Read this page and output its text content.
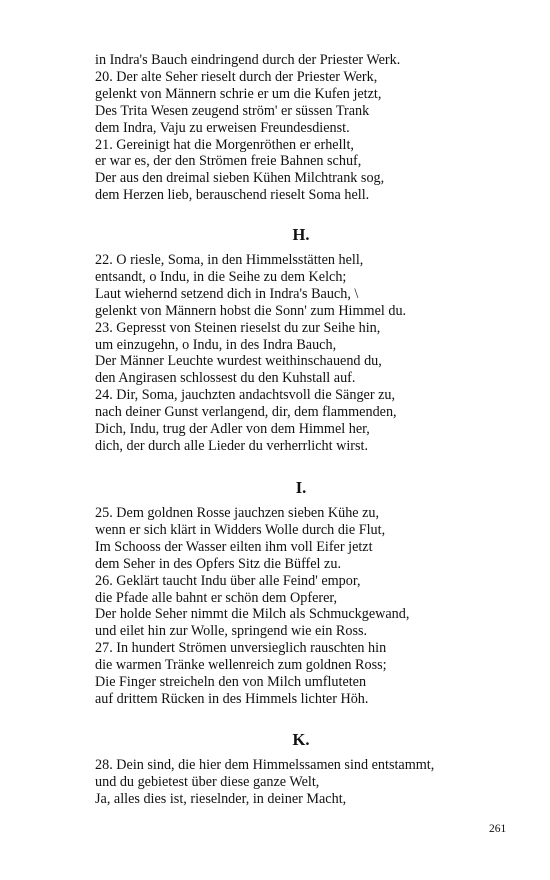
in Indra's Bauch eindringend durch der Priester Werk.
20. Der alte Seher rieselt durch der Priester Werk,
gelenkt von Männern schrie er um die Kufen jetzt,
Des Trita Wesen zeugend ström' er süssen Trank
dem Indra, Vaju zu erweisen Freundesdienst.
21. Gereinigt hat die Morgenröthen er erhellt,
er war es, der den Strömen freie Bahnen schuf,
Der aus den dreimal sieben Kühen Milchtrank sog,
dem Herzen lieb, berauschend rieselt Soma hell.
H.
22. O riesle, Soma, in den Himmelsstätten hell,
entsandt, o Indu, in die Seihe zu dem Kelch;
Laut wiehernd setzend dich in Indra's Bauch, \
gelenkt von Männern hobst die Sonn' zum Himmel du.
23. Gepresst von Steinen rieselst du zur Seihe hin,
um einzugehn, o Indu, in des Indra Bauch,
Der Männer Leuchte wurdest weithinschauend du,
den Angirasen schlossest du den Kuhstall auf.
24. Dir, Soma, jauchzten andachtsvoll die Sänger zu,
nach deiner Gunst verlangend, dir, dem flammenden,
Dich, Indu, trug der Adler von dem Himmel her,
dich, der durch alle Lieder du verherrlicht wirst.
I.
25. Dem goldnen Rosse jauchzen sieben Kühe zu,
wenn er sich klärt in Widders Wolle durch die Flut,
Im Schooss der Wasser eilten ihm voll Eifer jetzt
dem Seher in des Opfers Sitz die Büffel zu.
26. Geklärt taucht Indu über alle Feind' empor,
die Pfade alle bahnt er schön dem Opferer,
Der holde Seher nimmt die Milch als Schmuckgewand,
und eilet hin zur Wolle, springend wie ein Ross.
27. In hundert Strömen unversieglich rauschten hin
die warmen Tränke wellenreich zum goldnen Ross;
Die Finger streicheln den von Milch umfluteten
auf drittem Rücken in des Himmels lichter Höh.
K.
28. Dein sind, die hier dem Himmelssamen sind entstammt,
und du gebietest über diese ganze Welt,
Ja, alles dies ist, rieselnder, in deiner Macht,
261
